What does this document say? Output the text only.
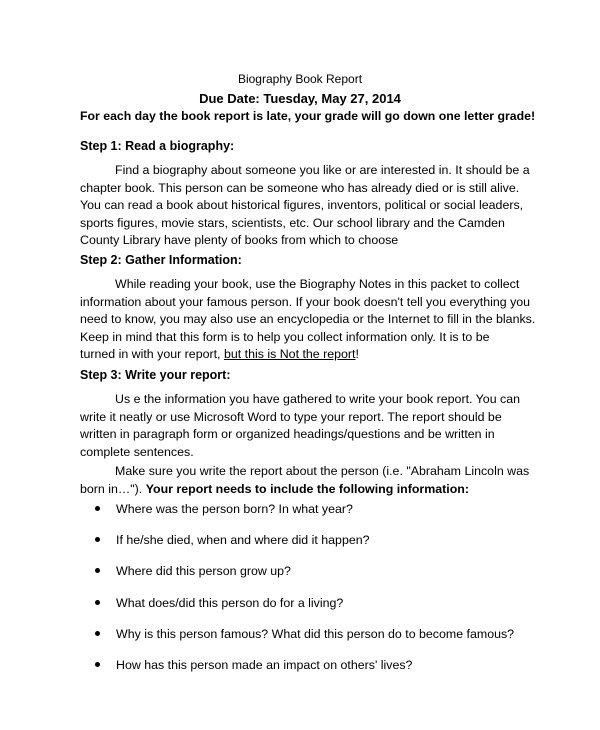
Biography Book Report
Due Date: Tuesday, May 27, 2014
For each day the book report is late, your grade will go down one letter grade!
Step 1: Read a biography:
Find a biography about someone you like or are interested in. It should be a
chapter book. This person can be someone who has already died or is still alive.
You can read a book about historical figures, inventors, political or social leaders,
sports figures, movie stars, scientists, etc. Our school library and the Camden
County Library have plenty of books from which to choose
Step 2: Gather Information:
While reading your book, use the Biography Notes in this packet to collect
information about your famous person. If your book doesn't tell you everything you
need to know, you may also use an encyclopedia or the Internet to fill in the blanks.
Keep in mind that this form is to help you collect information only. It is to be
turned in with your report, but this is Not the report!
Step 3: Write your report:
Us e the information you have gathered to write your book report. You can
write it neatly or use Microsoft Word to type your report. The report should be
written in paragraph form or organized headings/questions and be written in
complete sentences.
Make sure you write the report about the person (i.e. "Abraham Lincoln was
born in…"). Your report needs to include the following information:
Where was the person born? In what year?
If he/she died, when and where did it happen?
Where did this person grow up?
What does/did this person do for a living?
Why is this person famous? What did this person do to become famous?
How has this person made an impact on others' lives?
